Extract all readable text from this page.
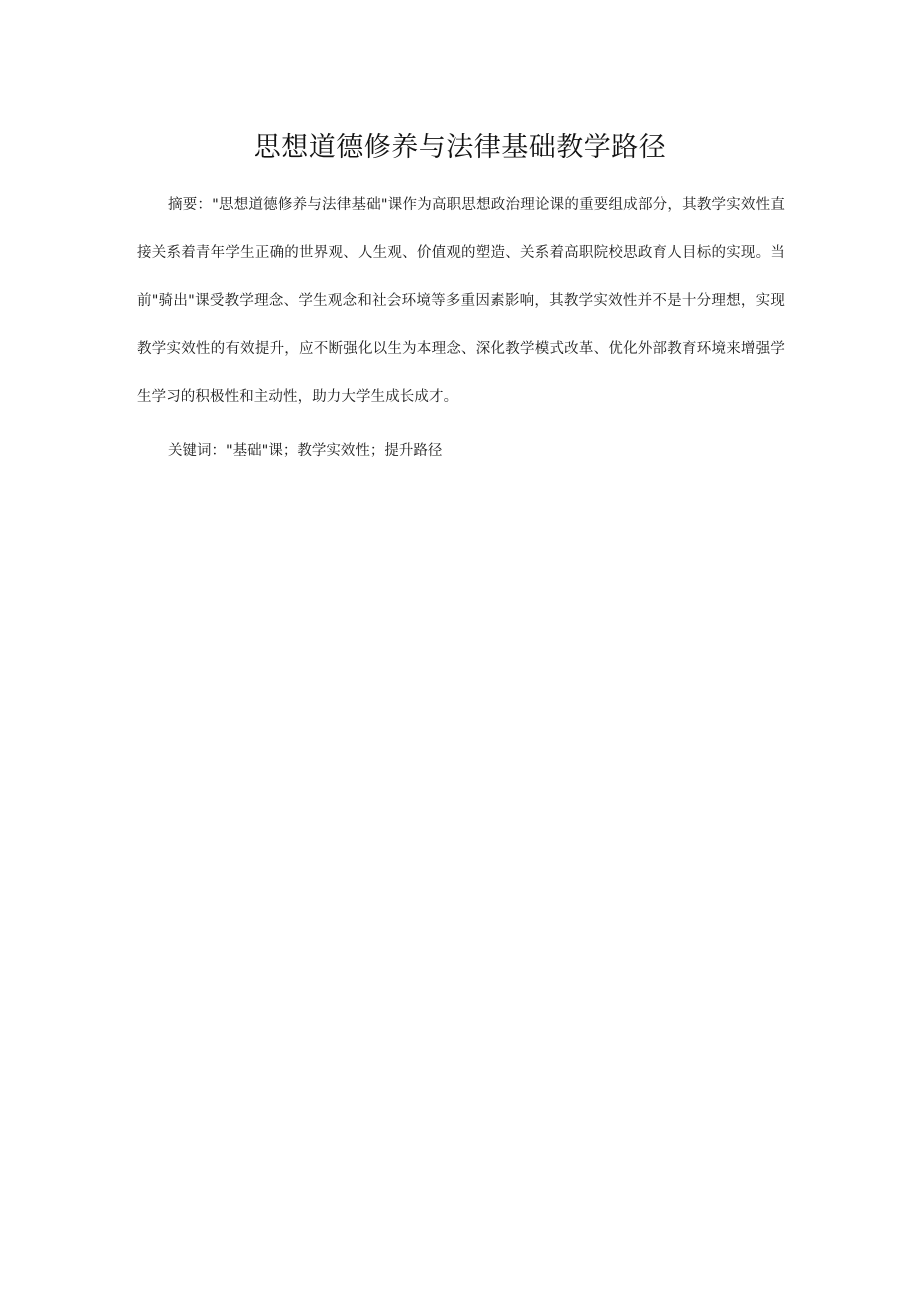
思想道德修养与法律基础教学路径

摘要："思想道德修养与法律基础"课作为高职思想政治理论课的重要组成部分，其教学实效性直接关系着青年学生正确的世界观、人生观、价值观的塑造、关系着高职院校思政育人目标的实现。当前"骑出"课受教学理念、学生观念和社会环境等多重因素影响，其教学实效性并不是十分理想，实现教学实效性的有效提升，应不断强化以生为本理念、深化教学模式改革、优化外部教育环境来增强学生学习的积极性和主动性，助力大学生成长成才。

关键词："基础"课；教学实效性；提升路径
